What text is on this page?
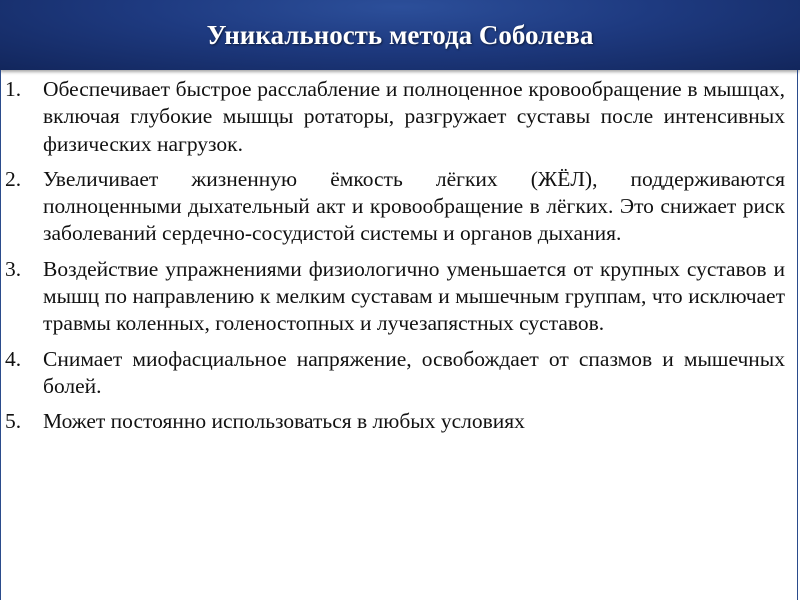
Уникальность метода Соболева
1.	Обеспечивает быстрое расслабление и полноценное кровообращение в мышцах, включая глубокие мышцы ротаторы, разгружает суставы после интенсивных физических нагрузок.
2.	Увеличивает жизненную ёмкость лёгких (ЖЁЛ), поддерживаются полноценными дыхательный акт и кровообращение в лёгких. Это снижает риск заболеваний сердечно-сосудистой системы и органов дыхания.
3.	Воздействие упражнениями физиологично уменьшается от крупных суставов и мышц по направлению к мелким суставам и мышечным группам, что исключает травмы коленных, голеностопных и лучезапястных суставов.
4.	Снимает миофасциальное напряжение, освобождает от спазмов и мышечных болей.
5.	Может постоянно использоваться в любых условиях
